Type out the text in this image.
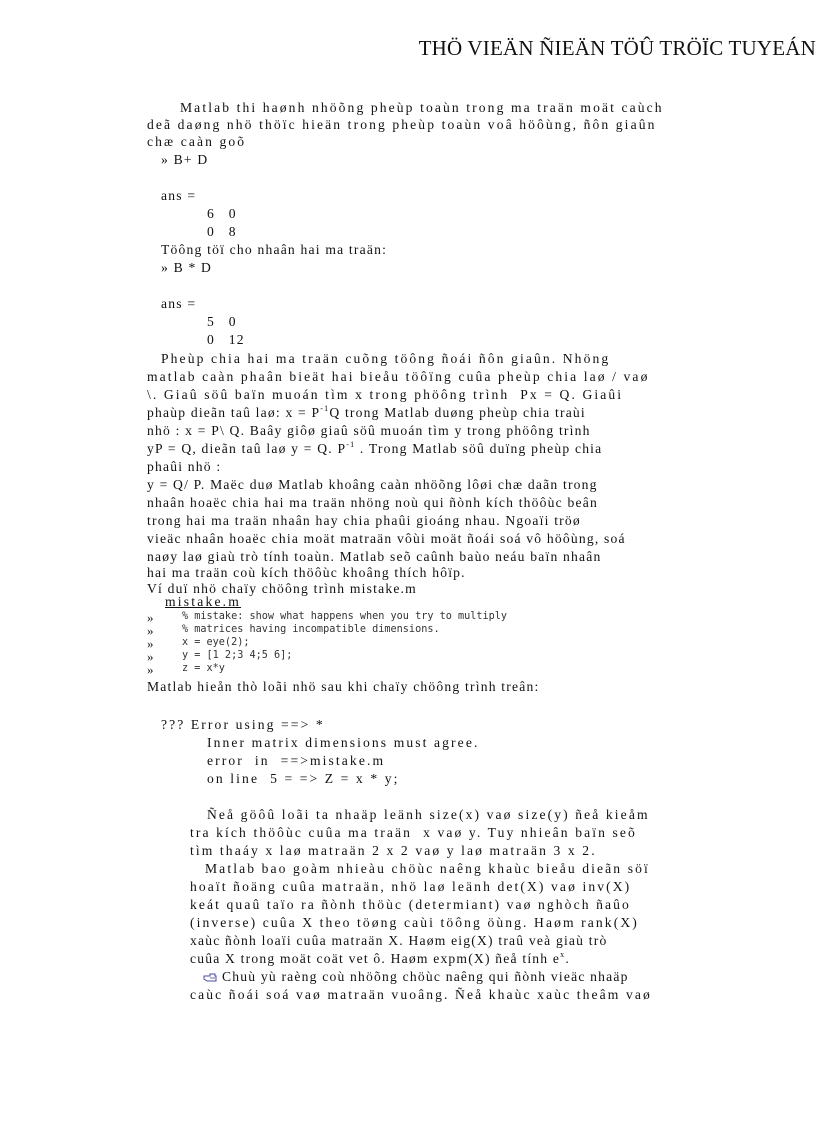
THÖ VIEÄN ÑIEÄN TÖÛ TRÖÏC TUYEÁN
Matlab thi haønh nhöõng pheùp toaùn trong ma traän moät caùch
deã daøng nhö thöïc hieän trong pheùp toaùn voâ höôùng, ñôn giaûn
chæ caàn goõ
» B+ D
ans =
6   0
0   8
Töông töï cho nhaân hai ma traän:
» B * D
ans =
5   0
0   12
Pheùp chia hai ma traän cuõng töông ñoái ñôn giaûn. Nhöng
matlab caàn phaân bieät hai bieåu töôïng cuûa pheùp chia laø / vaø
\. Giaû söû baïn muoán tìm x trong phöông trình  Px = Q. Giaûi
phaùp dieãn taû laø: $x = P^{-1}Q$ trong Matlab duøng pheùp chia traùi
nhö : x = P\ Q. Baây giôø giaû söû muoán tìm y trong phöông trình
yP = Q, dieãn taû laø y = Q. $P^{-1}$ . Trong Matlab söû duïng pheùp chia
phaûi nhö :
y = Q/ P. Maëc duø Matlab khoâng caàn nhöõng lôøi chæ daãn trong
nhaân hoaëc chia hai ma traän nhöng noù qui ñònh kích thöôùc beân
trong hai ma traän nhaân hay chia phaûi gioáng nhau. Ngoaïi tröø
vieäc nhaân hoaëc chia moät matraän vôùi moät ñoái soá vô höôùng, soá
naøy laø giaù trò tính toaùn. Matlab seõ caûnh baùo neáu baïn nhaân
hai ma traän coù kích thöôùc khoâng thích hôïp.
Ví duï nhö chaïy chöông trình mistake.m
mistake.m
»
»
»
»
»
% mistake: show what happens when you try to multiply
% matrices having incompatible dimensions.
x = eye(2);
y = [1 2;3 4;5 6];
z = x*y
Matlab hieån thò loãi nhö sau khi chaïy chöông trình treân:
??? Error using ==> *
Inner matrix dimensions must agree.
error  in  ==>mistake.m
on line  5 = => Z = x * y;
Ñeå göôû loãi ta nhaäp leänh size(x) vaø size(y) ñeå kieåm
tra kích thöôùc cuûa ma traän  x vaø y. Tuy nhieân baïn seõ
tìm thaáy x laø matraän 2 x 2 vaø y laø matraän 3 x 2.
Matlab bao goàm nhieàu chöùc naêng khaùc bieåu dieãn söï
hoaït ñoäng cuûa matraän, nhö laø leänh det(X) vaø inv(X)
keát quaû taïo ra ñònh thöùc (determiant) vaø nghòch ñaûo
(inverse) cuûa X theo töøng caùi töông öùng. Haøm rank(X)
xaùc ñònh loaïi cuûa matraän X. Haøm eig(X) traû veà giaù trò
cuûa X trong moät coät vet ô. Haøm expm(X) ñeå tính $e^x$.
Chuù yù raèng coù nhöõng chöùc naêng qui ñònh vieäc nhaäp
caùc ñoái soá vaø matraän vuoâng. Ñeå khaùc xaùc theâm vaø
